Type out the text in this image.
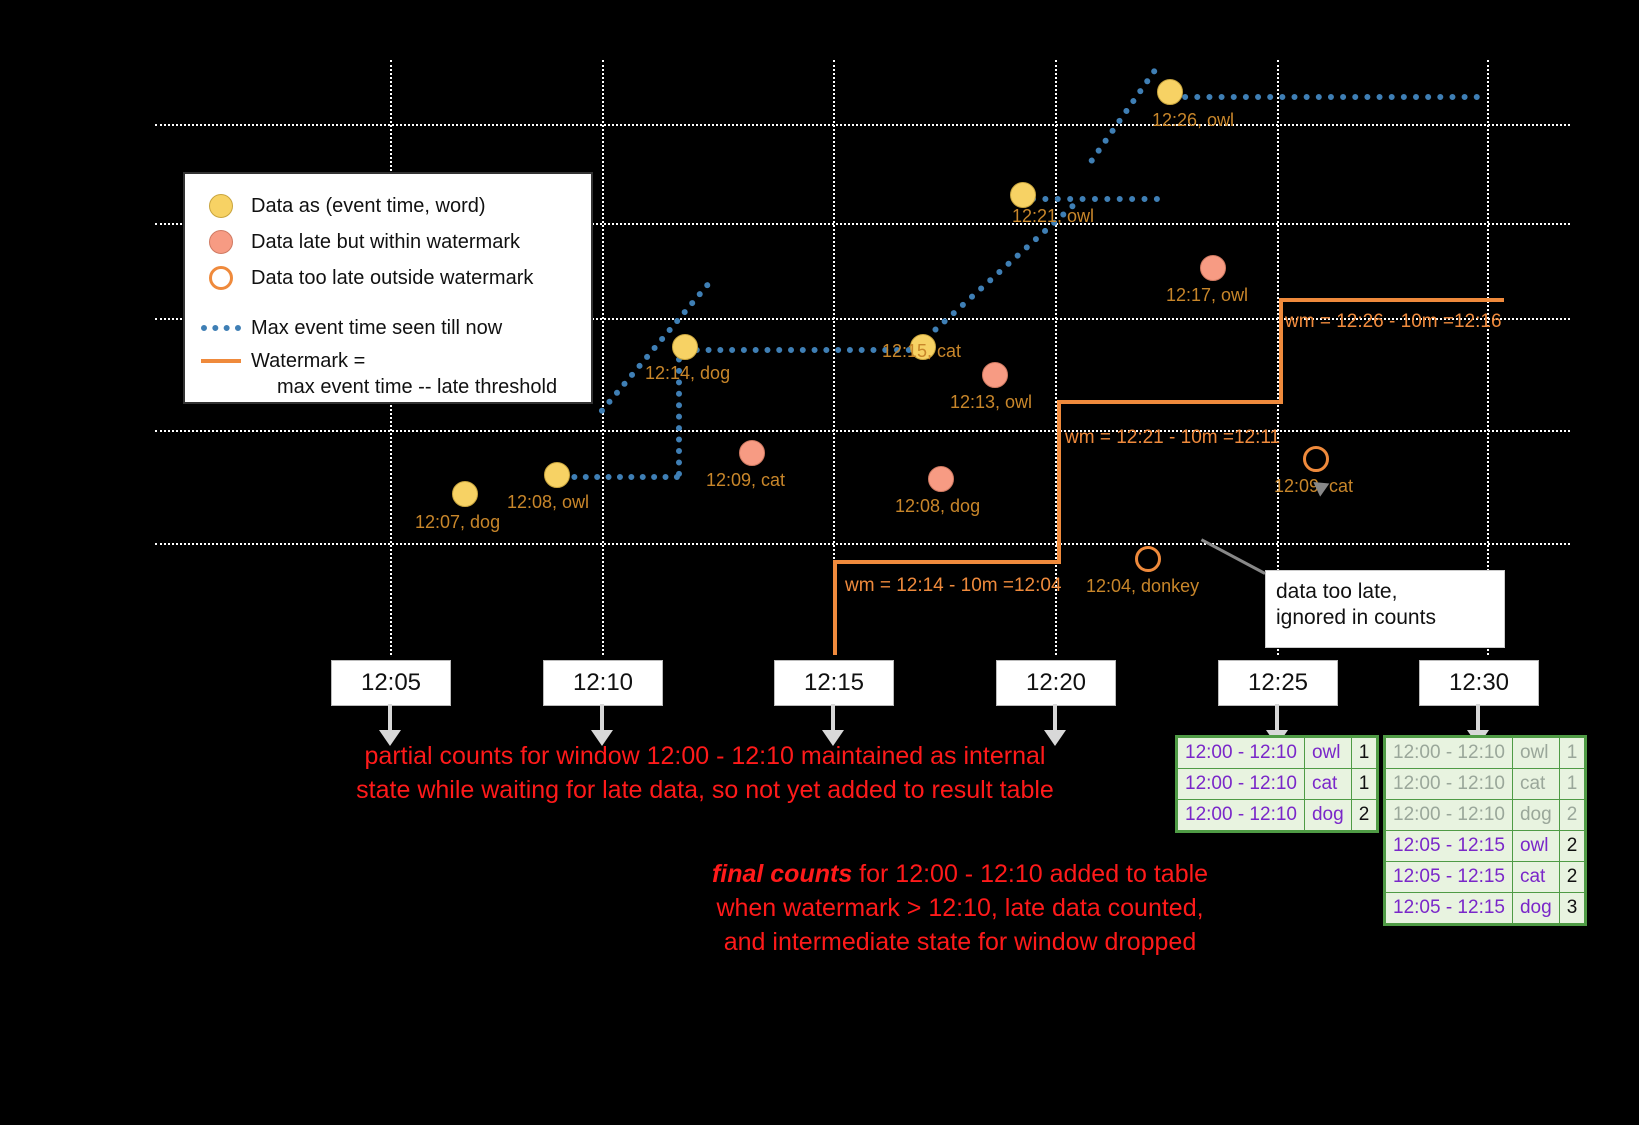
wm = 12:14 - 10m =12:04
wm = 12:21 - 10m =12:11
wm = 12:26 - 10m =12:16
12:07, dog
12:08, owl
12:14, dog
12:15, cat
12:21, owl
12:26, owl
12:09, cat
12:08, dog
12:13, owl
12:17, owl
12:04, donkey
12:09, cat
Data as (event time, word)
Data late but within watermark
Data too late outside watermark
Max event time seen till now
Watermark =
max event time -- late threshold
12:05	12:10	12:15	12:20	12:25	12:30
data too late,
ignored in counts
partial counts for window 12:00 - 12:10 maintained as internal
state while waiting for late data, so not yet added to result table
final counts for 12:00 - 12:10 added to table
when watermark > 12:10, late data counted,
and intermediate state for window dropped
12:00 - 12:10	owl	1
12:00 - 12:10	cat	1
12:00 - 12:10	dog	2
12:00 - 12:10	owl	1
12:00 - 12:10	cat	1
12:00 - 12:10	dog	2
12:05 - 12:15	owl	2
12:05 - 12:15	cat	2
12:05 - 12:15	dog	3
